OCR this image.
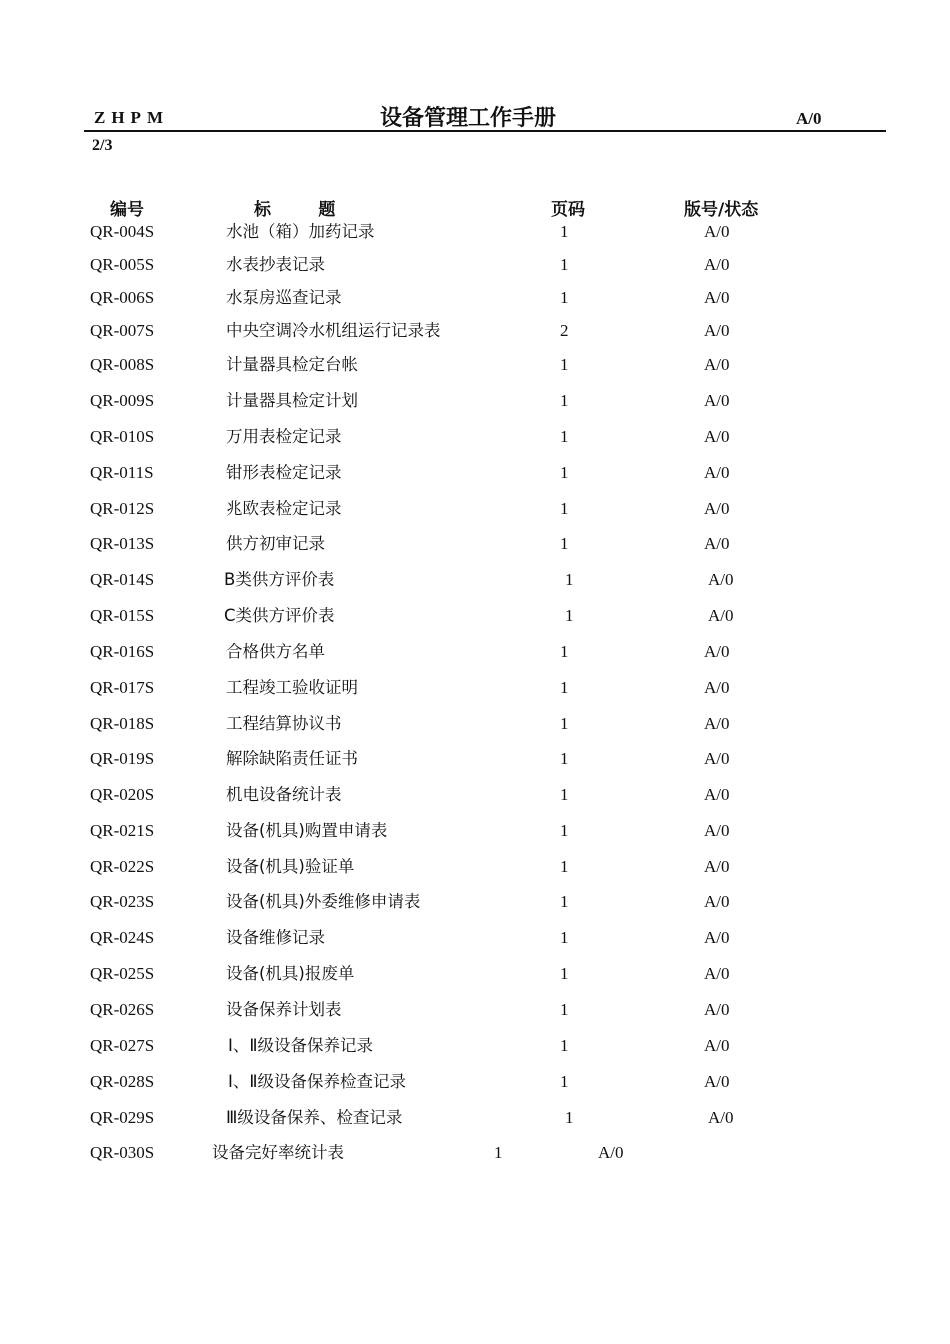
ZHPM	设备管理工作手册	A/0
2/3
编号	标        题	页码	版号/状态
QR-004S	水池（箱）加药记录	1	A/0
QR-005S	水表抄表记录	1	A/0
QR-006S	水泵房巡查记录	1	A/0
QR-007S	中央空调冷水机组运行记录表	2	A/0
QR-008S	计量器具检定台帐	1	A/0
QR-009S	计量器具检定计划	1	A/0
QR-010S	万用表检定记录	1	A/0
QR-011S	钳形表检定记录	1	A/0
QR-012S	兆欧表检定记录	1	A/0
QR-013S	供方初审记录	1	A/0
QR-014S	B类供方评价表	1	A/0
QR-015S	C类供方评价表	1	A/0
QR-016S	合格供方名单	1	A/0
QR-017S	工程竣工验收证明	1	A/0
QR-018S	工程结算协议书	1	A/0
QR-019S	解除缺陷责任证书	1	A/0
QR-020S	机电设备统计表	1	A/0
QR-021S	设备(机具)购置申请表	1	A/0
QR-022S	设备(机具)验证单	1	A/0
QR-023S	设备(机具)外委维修申请表	1	A/0
QR-024S	设备维修记录	1	A/0
QR-025S	设备(机具)报废单	1	A/0
QR-026S	设备保养计划表	1	A/0
QR-027S	Ⅰ、Ⅱ级设备保养记录	1	A/0
QR-028S	Ⅰ、Ⅱ级设备保养检查记录	1	A/0
QR-029S	Ⅲ级设备保养、检查记录	1	A/0
QR-030S	设备完好率统计表	1	A/0
